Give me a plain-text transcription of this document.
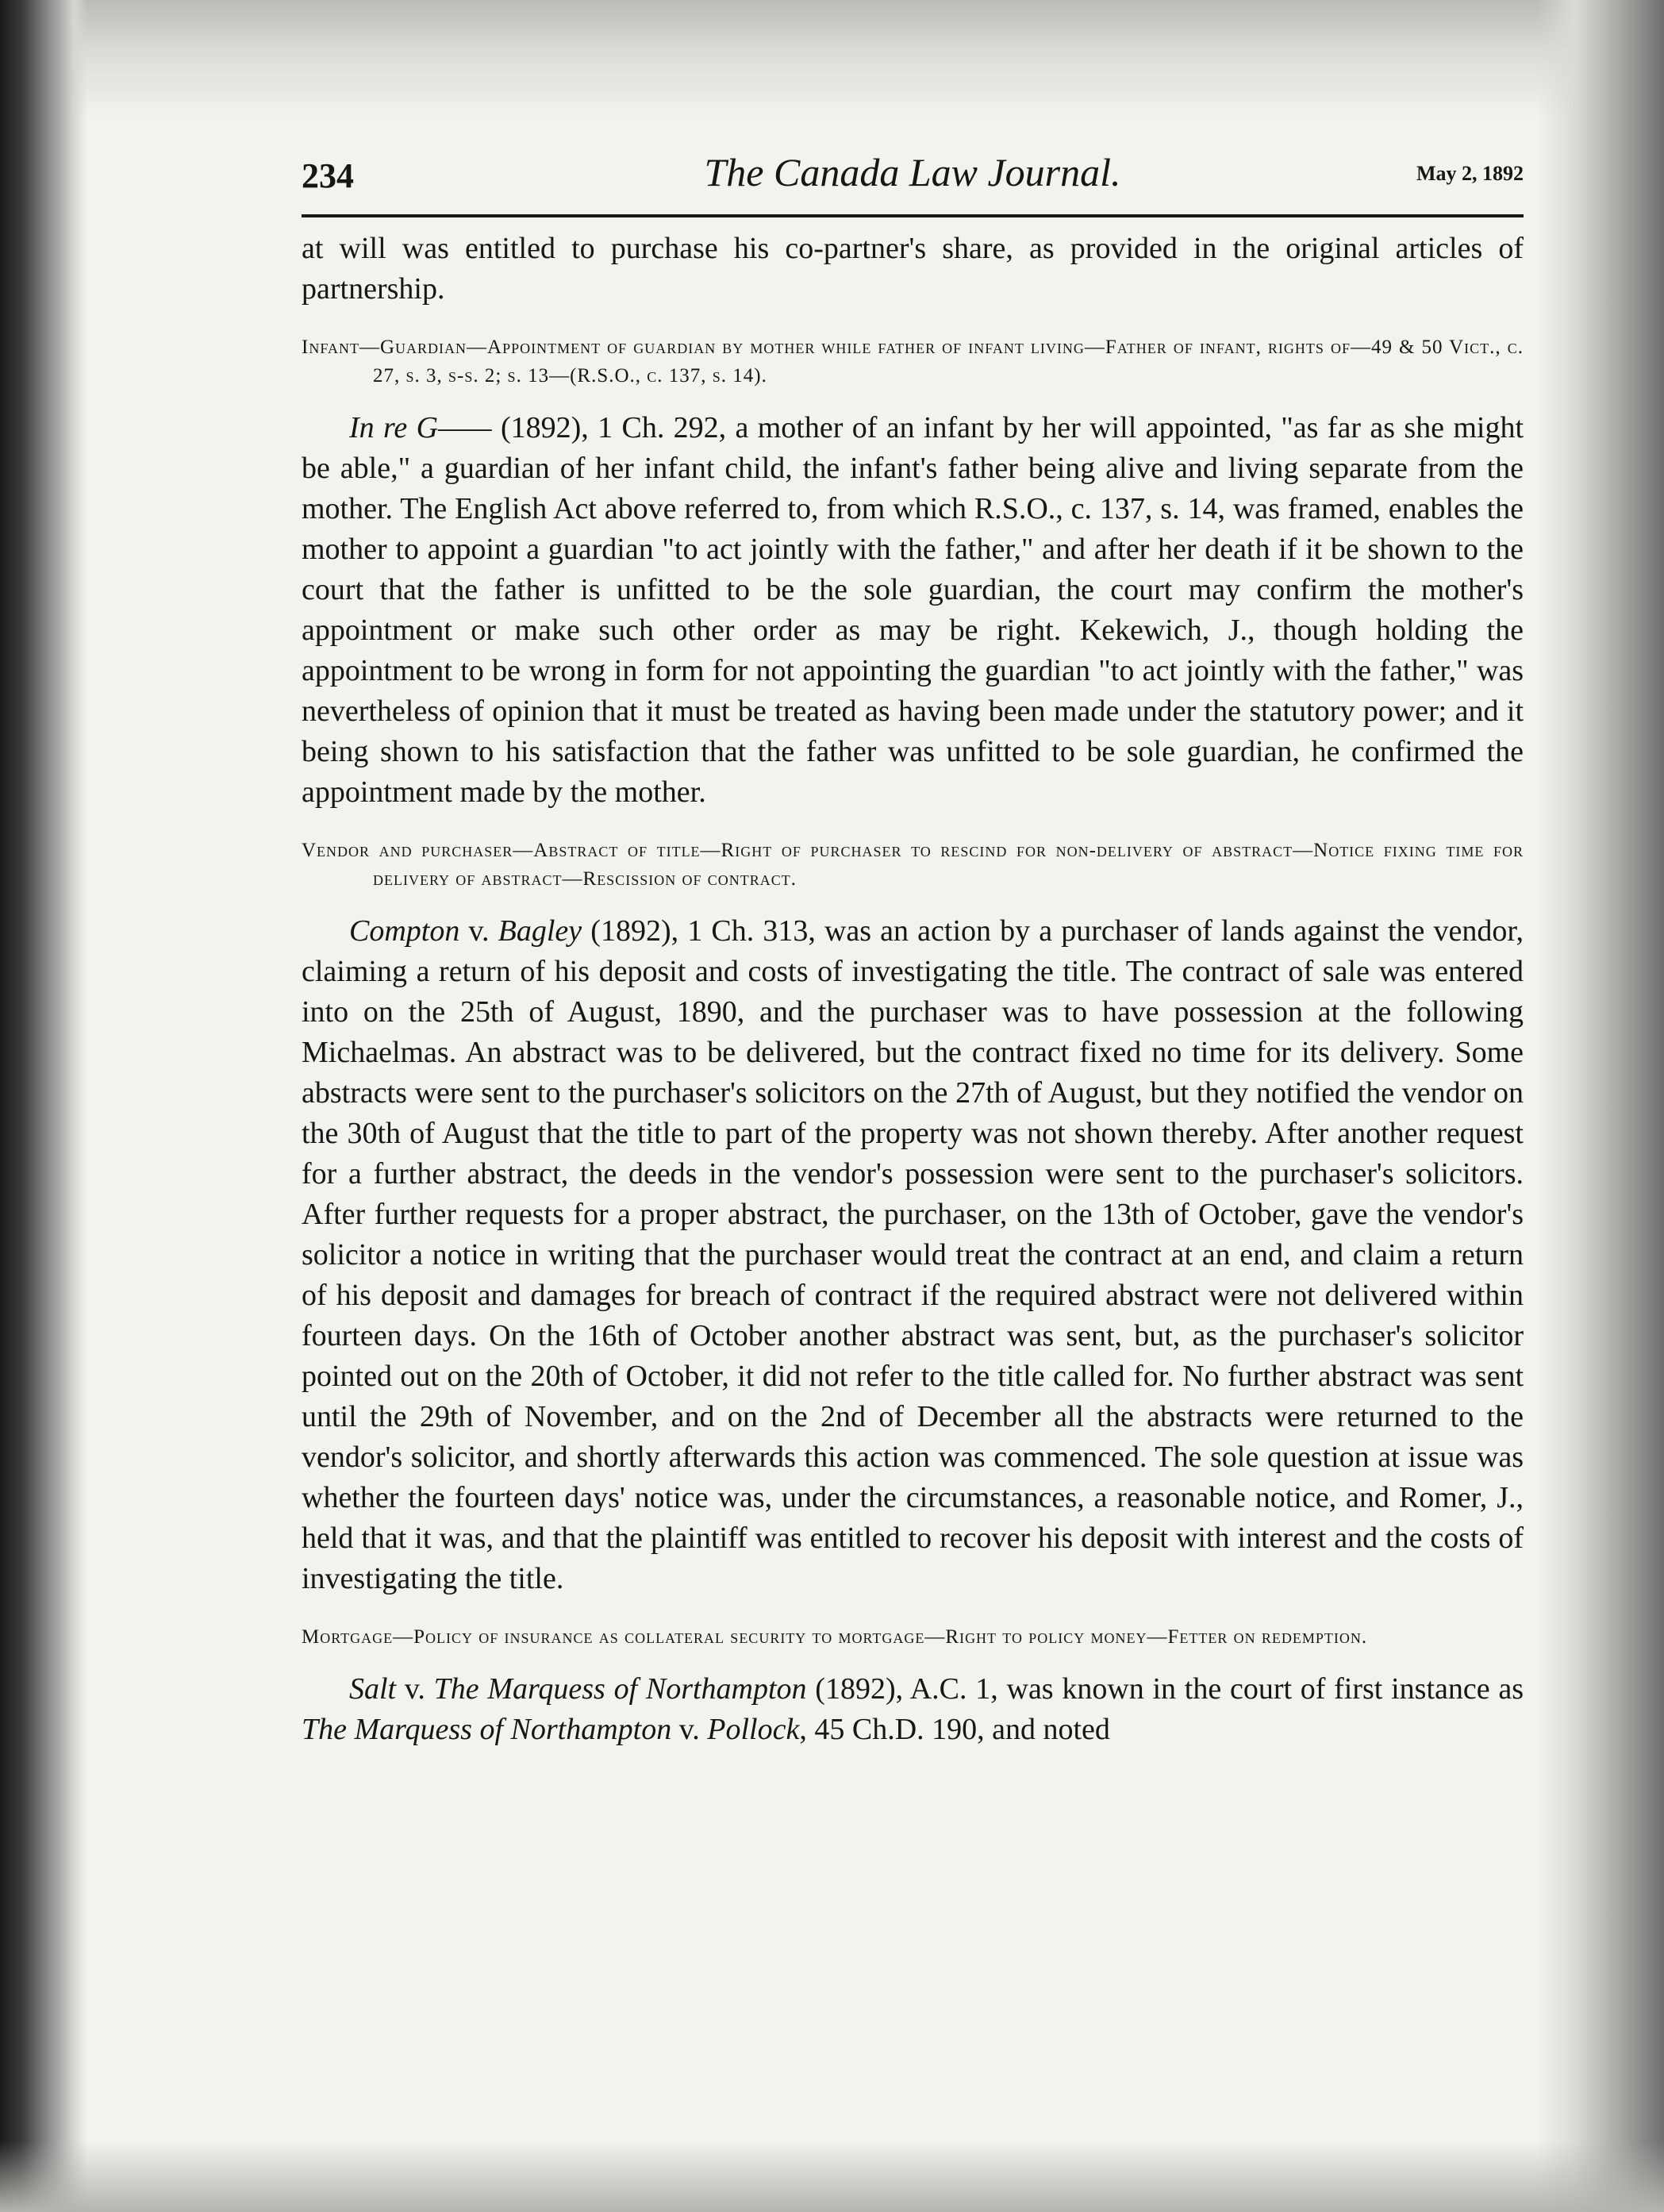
234	The Canada Law Journal.	May 2, 1892

at will was entitled to purchase his co-partner's share, as provided in the original articles of partnership.

Infant—Guardian—Appointment of guardian by mother while father of infant living—Father of infant, rights of—49 & 50 Vict., c. 27, s. 3, s-s. 2; s. 13—(R.S.O., c. 137, s. 14).

In re G—— (1892), 1 Ch. 292, a mother of an infant by her will appointed, "as far as she might be able," a guardian of her infant child, the infant's father being alive and living separate from the mother. The English Act above referred to, from which R.S.O., c. 137, s. 14, was framed, enables the mother to appoint a guardian "to act jointly with the father," and after her death if it be shown to the court that the father is unfitted to be the sole guardian, the court may confirm the mother's appointment or make such other order as may be right. Kekewich, J., though holding the appointment to be wrong in form for not appointing the guardian "to act jointly with the father," was nevertheless of opinion that it must be treated as having been made under the statutory power; and it being shown to his satisfaction that the father was unfitted to be sole guardian, he confirmed the appointment made by the mother.

Vendor and purchaser—Abstract of title—Right of purchaser to rescind for non-delivery of abstract—Notice fixing time for delivery of abstract—Rescission of contract.

Compton v. Bagley (1892), 1 Ch. 313, was an action by a purchaser of lands against the vendor, claiming a return of his deposit and costs of investigating the title. The contract of sale was entered into on the 25th of August, 1890, and the purchaser was to have possession at the following Michaelmas. An abstract was to be delivered, but the contract fixed no time for its delivery. Some abstracts were sent to the purchaser's solicitors on the 27th of August, but they notified the vendor on the 30th of August that the title to part of the property was not shown thereby. After another request for a further abstract, the deeds in the vendor's possession were sent to the purchaser's solicitors. After further requests for a proper abstract, the purchaser, on the 13th of October, gave the vendor's solicitor a notice in writing that the purchaser would treat the contract at an end, and claim a return of his deposit and damages for breach of contract if the required abstract were not delivered within fourteen days. On the 16th of October another abstract was sent, but, as the purchaser's solicitor pointed out on the 20th of October, it did not refer to the title called for. No further abstract was sent until the 29th of November, and on the 2nd of December all the abstracts were returned to the vendor's solicitor, and shortly afterwards this action was commenced. The sole question at issue was whether the fourteen days' notice was, under the circumstances, a reasonable notice, and Romer, J., held that it was, and that the plaintiff was entitled to recover his deposit with interest and the costs of investigating the title.

Mortgage—Policy of insurance as collateral security to mortgage—Right to policy money—Fetter on redemption.

Salt v. The Marquess of Northampton (1892), A.C. 1, was known in the court of first instance as The Marquess of Northampton v. Pollock, 45 Ch.D. 190, and noted
